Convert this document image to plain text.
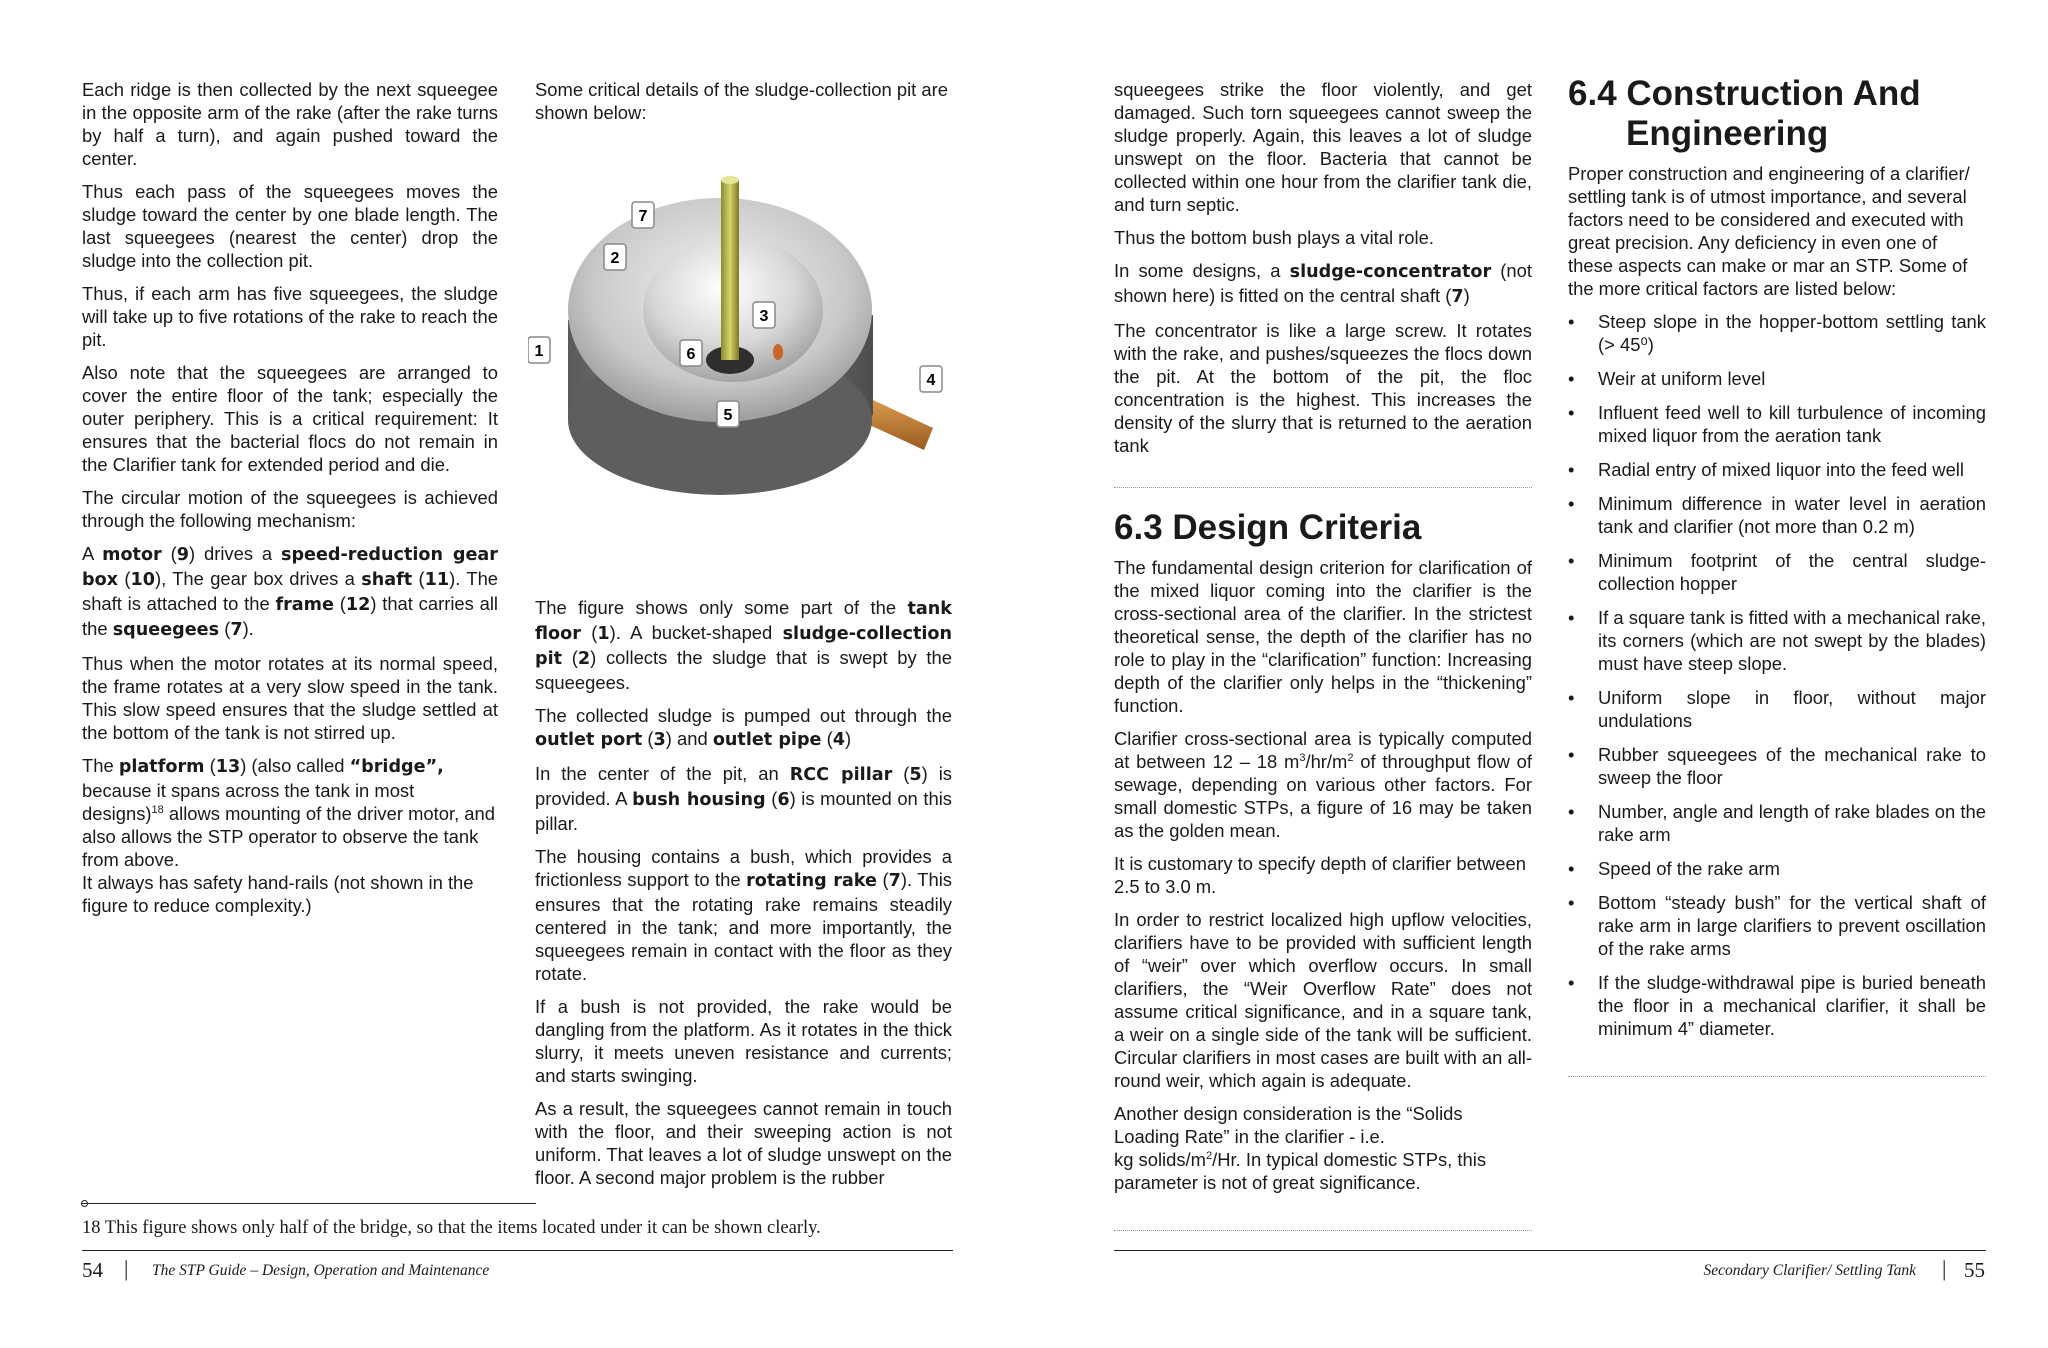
Each ridge is then collected by the next squeegee in the opposite arm of the rake (after the rake turns by half a turn), and again pushed toward the center.

Thus each pass of the squeegees moves the sludge toward the center by one blade length. The last squeegees (nearest the center) drop the sludge into the collection pit.

Thus, if each arm has five squeegees, the sludge will take up to five rotations of the rake to reach the pit.

Also note that the squeegees are arranged to cover the entire floor of the tank; especially the outer periphery. This is a critical requirement: It ensures that the bacterial flocs do not remain in the Clarifier tank for extended period and die.

The circular motion of the squeegees is achieved through the following mechanism:

A motor (9) drives a speed-reduction gear box (10), The gear box drives a shaft (11). The shaft is attached to the frame (12) that carries all the squeegees (7).

Thus when the motor rotates at its normal speed, the frame rotates at a very slow speed in the tank. This slow speed ensures that the sludge settled at the bottom of the tank is not stirred up.

The platform (13) (also called “bridge”, because it spans across the tank in most designs)$^{18}$ allows mounting of the driver motor, and also allows the STP operator to observe the tank from above.

It always has safety hand-rails (not shown in the figure to reduce complexity.)

Some critical details of the sludge-collection pit are shown below:

7
2
3
1	6
4
5

The figure shows only some part of the tank floor (1). A bucket-shaped sludge-collection pit (2) collects the sludge that is swept by the squeegees.

The collected sludge is pumped out through the outlet port (3) and outlet pipe (4)

In the center of the pit, an RCC pillar (5) is provided. A bush housing (6) is mounted on this pillar.

The housing contains a bush, which provides a frictionless support to the rotating rake (7). This ensures that the rotating rake remains steadily centered in the tank; and more importantly, the squeegees remain in contact with the floor as they rotate.

If a bush is not provided, the rake would be dangling from the platform. As it rotates in the thick slurry, it meets uneven resistance and currents; and starts swinging.

As a result, the squeegees cannot remain in touch with the floor, and their sweeping action is not uniform. That leaves a lot of sludge unswept on the floor. A second major problem is the rubber

18 This figure shows only half of the bridge, so that the items located under it can be shown clearly.
54 | The STP Guide – Design, Operation and Maintenance

squeegees strike the floor violently, and get damaged. Such torn squeegees cannot sweep the sludge properly. Again, this leaves a lot of sludge unswept on the floor. Bacteria that cannot be collected within one hour from the clarifier tank die, and turn septic.

Thus the bottom bush plays a vital role.

In some designs, a sludge-concentrator (not shown here) is fitted on the central shaft (7)

The concentrator is like a large screw. It rotates with the rake, and pushes/squeezes the flocs down the pit. At the bottom of the pit, the floc concentration is the highest. This increases the density of the slurry that is returned to the aeration tank

6.3 Design Criteria

The fundamental design criterion for clarification of the mixed liquor coming into the clarifier is the cross-sectional area of the clarifier. In the strictest theoretical sense, the depth of the clarifier has no role to play in the “clarification” function: Increasing depth of the clarifier only helps in the “thickening” function.

Clarifier cross-sectional area is typically computed at between 12 – 18 $m^3/hr/m^2$ of throughput flow of sewage, depending on various other factors. For small domestic STPs, a figure of 16 may be taken as the golden mean.

It is customary to specify depth of clarifier between 2.5 to 3.0 m.

In order to restrict localized high upflow velocities, clarifiers have to be provided with sufficient length of “weir” over which overflow occurs. In small clarifiers, the “Weir Overflow Rate” does not assume critical significance, and in a square tank, a weir on a single side of the tank will be sufficient. Circular clarifiers in most cases are built with an all-round weir, which again is adequate.

Another design consideration is the “Solids Loading Rate” in the clarifier - i.e.
kg solids/$m^2/Hr$. In typical domestic STPs, this
parameter is not of great significance.

6.4 Construction And
Engineering

Proper construction and engineering of a clarifier/ settling tank is of utmost importance, and several factors need to be considered and executed with great precision. Any deficiency in even one of these aspects can make or mar an STP. Some of the more critical factors are listed below:

• Steep slope in the hopper-bottom settling tank (> 45⁰)
• Weir at uniform level
• Influent feed well to kill turbulence of incoming mixed liquor from the aeration tank
• Radial entry of mixed liquor into the feed well
• Minimum difference in water level in aeration tank and clarifier (not more than 0.2 m)
• Minimum footprint of the central sludge-collection hopper
• If a square tank is fitted with a mechanical rake, its corners (which are not swept by the blades) must have steep slope.
• Uniform slope in floor, without major undulations
• Rubber squeegees of the mechanical rake to sweep the floor
• Number, angle and length of rake blades on the rake arm
• Speed of the rake arm
• Bottom “steady bush” for the vertical shaft of rake arm in large clarifiers to prevent oscillation of the rake arms
• If the sludge-withdrawal pipe is buried beneath the floor in a mechanical clarifier, it shall be minimum 4” diameter.
Secondary Clarifier/ Settling Tank | 55
